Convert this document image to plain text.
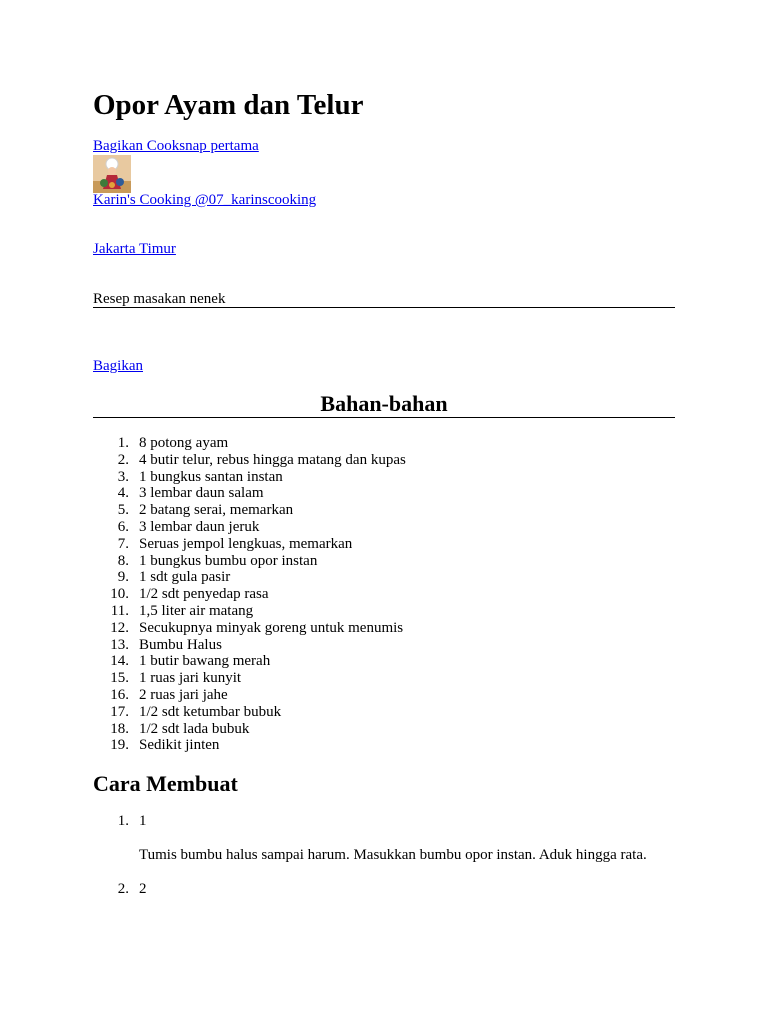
Opor Ayam dan Telur
Bagikan Cooksnap pertama
Karin's Cooking @07_karinscooking
Jakarta Timur
Resep masakan nenek
Bagikan
Bahan-bahan
1. 8 potong ayam
2. 4 butir telur, rebus hingga matang dan kupas
3. 1 bungkus santan instan
4. 3 lembar daun salam
5. 2 batang serai, memarkan
6. 3 lembar daun jeruk
7. Seruas jempol lengkuas, memarkan
8. 1 bungkus bumbu opor instan
9. 1 sdt gula pasir
10. 1/2 sdt penyedap rasa
11. 1,5 liter air matang
12. Secukupnya minyak goreng untuk menumis
13. Bumbu Halus
14. 1 butir bawang merah
15. 1 ruas jari kunyit
16. 2 ruas jari jahe
17. 1/2 sdt ketumbar bubuk
18. 1/2 sdt lada bubuk
19. Sedikit jinten
Cara Membuat
1. 1

Tumis bumbu halus sampai harum. Masukkan bumbu opor instan. Aduk hingga rata.

2. 2
